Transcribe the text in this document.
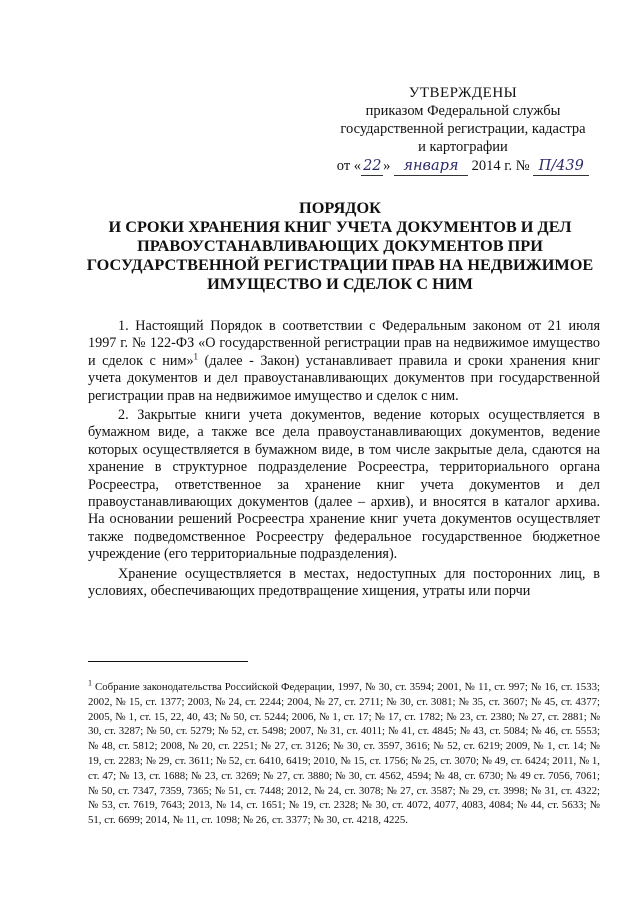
УТВЕРЖДЕНЫ
приказом Федеральной службы
государственной регистрации, кадастра
и картографии
от « 22 » января 2014 г. № П/439
ПОРЯДОК
И СРОКИ ХРАНЕНИЯ КНИГ УЧЕТА ДОКУМЕНТОВ И ДЕЛ
ПРАВОУСТАНАВЛИВАЮЩИХ ДОКУМЕНТОВ ПРИ
ГОСУДАРСТВЕННОЙ РЕГИСТРАЦИИ ПРАВ НА НЕДВИЖИМОЕ
ИМУЩЕСТВО И СДЕЛОК С НИМ

1. Настоящий Порядок в соответствии с Федеральным законом от 21 июля 1997 г. № 122-ФЗ «О государственной регистрации прав на недвижимое имущество и сделок с ним»$^1$ (далее - Закон) устанавливает правила и сроки хранения книг учета документов и дел правоустанавливающих документов при государственной регистрации прав на недвижимое имущество и сделок с ним.

2. Закрытые книги учета документов, ведение которых осуществляется в бумажном виде, а также все дела правоустанавливающих документов, ведение которых осуществляется в бумажном виде, в том числе закрытые дела, сдаются на хранение в структурное подразделение Росреестра, территориального органа Росреестра, ответственное за хранение книг учета документов и дел правоустанавливающих документов (далее – архив), и вносятся в каталог архива. На основании решений Росреестра хранение книг учета документов осуществляет также подведомственное Росреестру федеральное государственное бюджетное учреждение (его территориальные подразделения).

Хранение осуществляется в местах, недоступных для посторонних лиц, в условиях, обеспечивающих предотвращение хищения, утраты или порчи

$^1$ Собрание законодательства Российской Федерации, 1997, № 30, ст. 3594; 2001, № 11, ст. 997; № 16, ст. 1533; 2002, № 15, ст. 1377; 2003, № 24, ст. 2244; 2004, № 27, ст. 2711; № 30, ст. 3081; № 35, ст. 3607; № 45, ст. 4377; 2005, № 1, ст. 15, 22, 40, 43; № 50, ст. 5244; 2006, № 1, ст. 17; № 17, ст. 1782; № 23, ст. 2380; № 27, ст. 2881; № 30, ст. 3287; № 50, ст. 5279; № 52, ст. 5498; 2007, № 31, ст. 4011; № 41, ст. 4845; № 43, ст. 5084; № 46, ст. 5553; № 48, ст. 5812; 2008, № 20, ст. 2251; № 27, ст. 3126; № 30, ст. 3597, 3616; № 52, ст. 6219; 2009, № 1, ст. 14; № 19, ст. 2283; № 29, ст. 3611; № 52, ст. 6410, 6419; 2010, № 15, ст. 1756; № 25, ст. 3070; № 49, ст. 6424; 2011, № 1, ст. 47; № 13, ст. 1688; № 23, ст. 3269; № 27, ст. 3880; № 30, ст. 4562, 4594; № 48, ст. 6730; № 49 ст. 7056, 7061; № 50, ст. 7347, 7359, 7365; № 51, ст. 7448; 2012, № 24, ст. 3078; № 27, ст. 3587; № 29, ст. 3998; № 31, ст. 4322; № 53, ст. 7619, 7643; 2013, № 14, ст. 1651; № 19, ст. 2328; № 30, ст. 4072, 4077, 4083, 4084; № 44, ст. 5633; № 51, ст. 6699; 2014, № 11, ст. 1098; № 26, ст. 3377; № 30, ст. 4218, 4225.
